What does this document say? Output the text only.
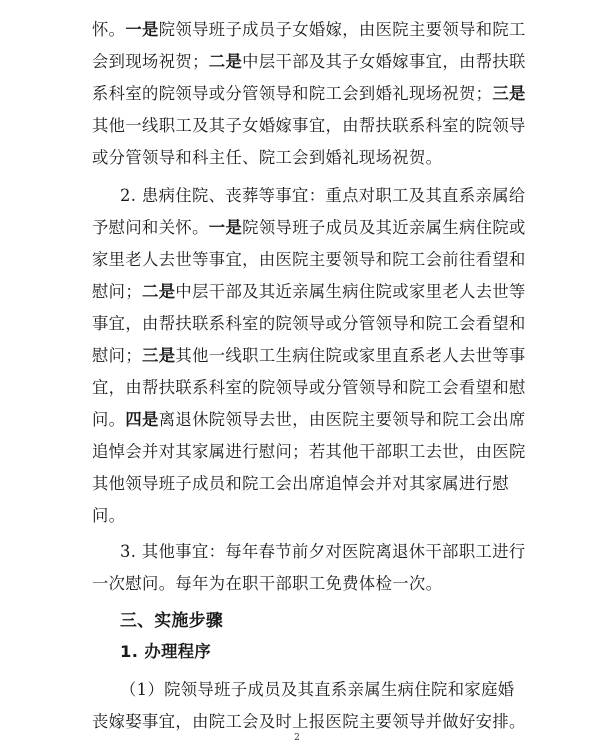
怀。一是院领导班子成员子女婚嫁，由医院主要领导和院工
会到现场祝贺；二是中层干部及其子女婚嫁事宜，由帮扶联
系科室的院领导或分管领导和院工会到婚礼现场祝贺；三是
其他一线职工及其子女婚嫁事宜，由帮扶联系科室的院领导
或分管领导和科主任、院工会到婚礼现场祝贺。
2. 患病住院、丧葬等事宜：重点对职工及其直系亲属给
予慰问和关怀。一是院领导班子成员及其近亲属生病住院或
家里老人去世等事宜，由医院主要领导和院工会前往看望和
慰问；二是中层干部及其近亲属生病住院或家里老人去世等
事宜，由帮扶联系科室的院领导或分管领导和院工会看望和
慰问；三是其他一线职工生病住院或家里直系老人去世等事
宜，由帮扶联系科室的院领导或分管领导和院工会看望和慰
问。四是离退休院领导去世，由医院主要领导和院工会出席
追悼会并对其家属进行慰问；若其他干部职工去世，由医院
其他领导班子成员和院工会出席追悼会并对其家属进行慰
问。
3. 其他事宜：每年春节前夕对医院离退休干部职工进行
一次慰问。每年为在职干部职工免费体检一次。
三、实施步骤
1. 办理程序
（1）院领导班子成员及其直系亲属生病住院和家庭婚
丧嫁娶事宜，由院工会及时上报医院主要领导并做好安排。
2
